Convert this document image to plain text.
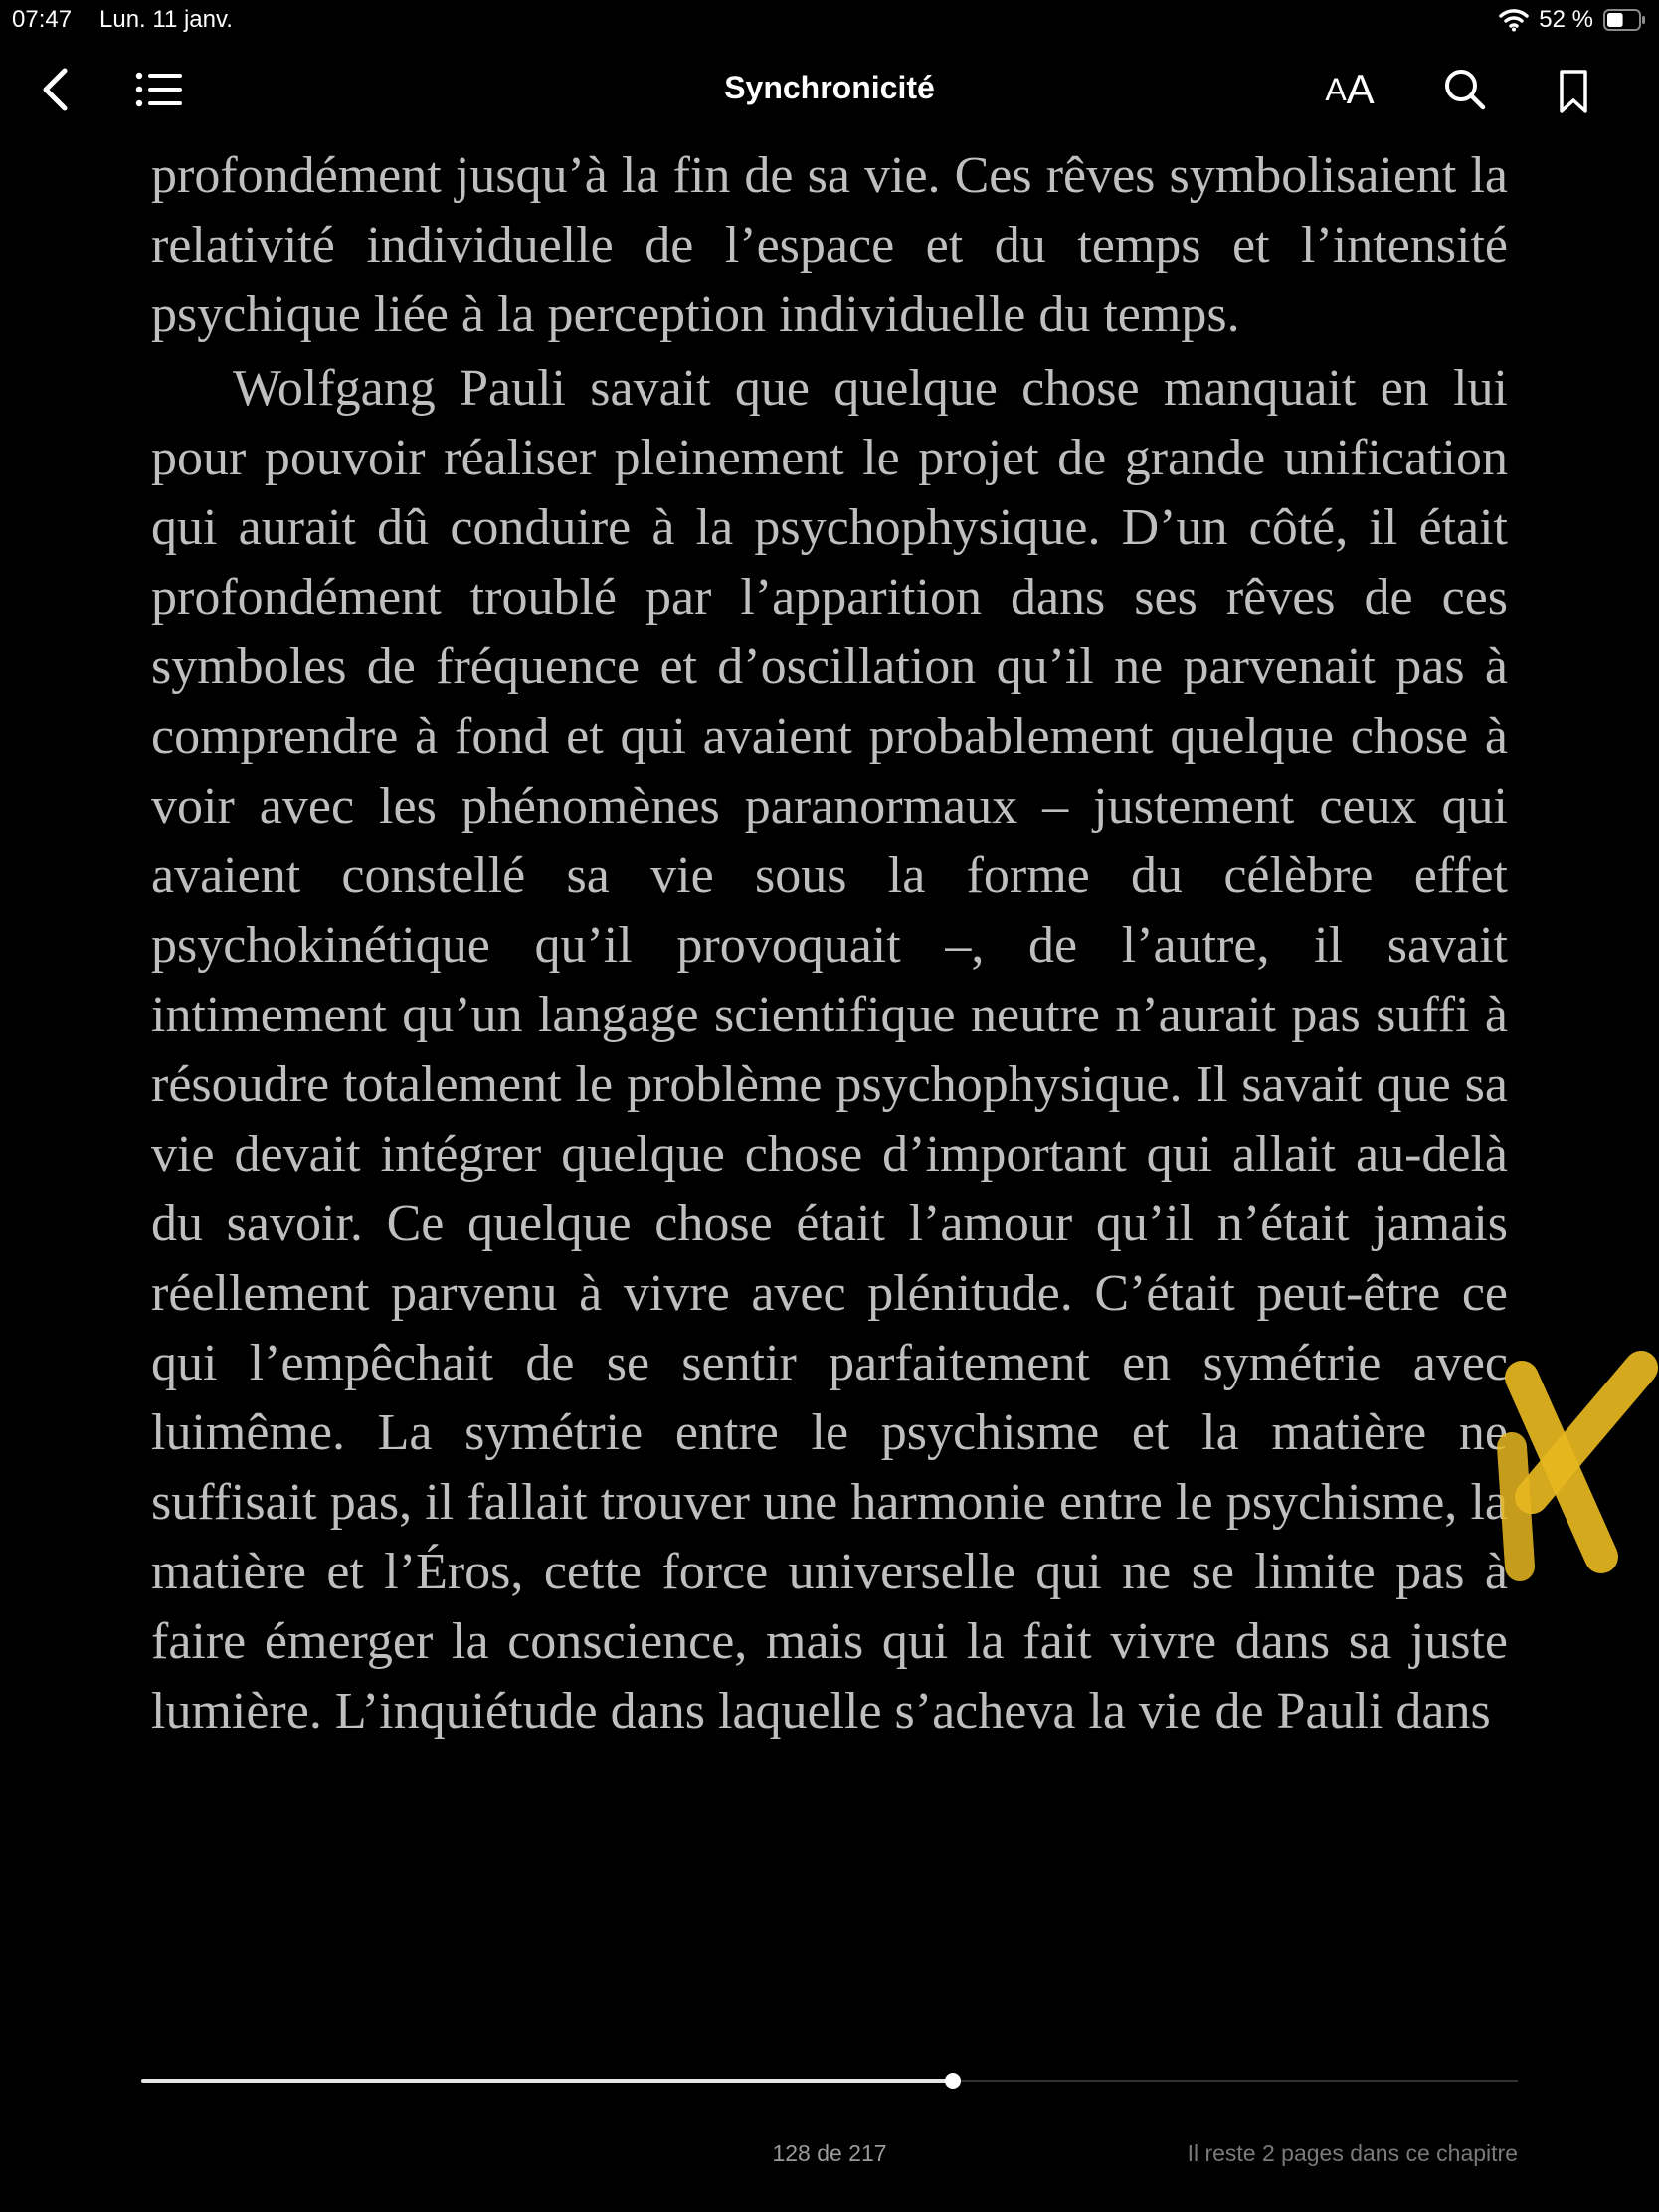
07:47 Lun. 11 janv.	52 %
Synchronicité	A A

profondément jusqu’à la fin de sa vie. Ces rêves symbolisaient la relativité individuelle de l’espace et du temps et l’intensité psychique liée à la perception individuelle du temps.

Wolfgang Pauli savait que quelque chose manquait en lui pour pouvoir réaliser pleinement le projet de grande unification qui aurait dû conduire à la psychophysique. D’un côté, il était profondément troublé par l’apparition dans ses rêves de ces symboles de fréquence et d’oscillation qu’il ne parvenait pas à comprendre à fond et qui avaient probablement quelque chose à voir avec les phénomènes paranormaux – justement ceux qui avaient constellé sa vie sous la forme du célèbre effet psychokinétique qu’il provoquait –, de l’autre, il savait intimement qu’un langage scientifique neutre n’aurait pas suffi à résoudre totalement le problème psychophysique. Il savait que sa vie devait intégrer quelque chose d’important qui allait au-delà du savoir. Ce quelque chose était l’amour qu’il n’était jamais réellement parvenu à vivre avec plénitude. C’était peut-être ce qui l’empêchait de se sentir parfaitement en symétrie avec luimême. La symétrie entre le psychisme et la matière ne suffisait pas, il fallait trouver une harmonie entre le psychisme, la matière et l’Éros, cette force universelle qui ne se limite pas à faire émerger la conscience, mais qui la fait vivre dans sa juste lumière. L’inquiétude dans laquelle s’acheva la vie de Pauli dans

128 de 217	Il reste 2 pages dans ce chapitre
